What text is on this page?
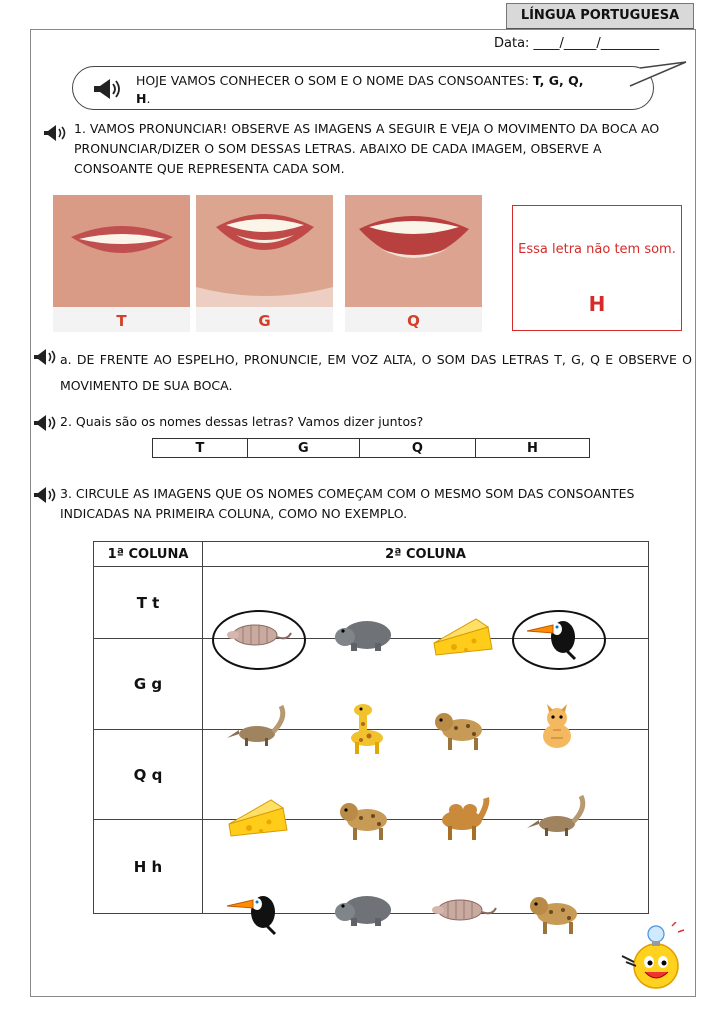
LÍNGUA PORTUGUESA
Data: ____/_____/_________
HOJE VAMOS CONHECER O SOM E O NOME DAS CONSOANTES: T, G, Q,
H.
1. VAMOS PRONUNCIAR! OBSERVE AS IMAGENS A SEGUIR E VEJA O MOVIMENTO DA BOCA AO PRONUNCIAR/DIZER O SOM DESSAS LETRAS. ABAIXO DE CADA IMAGEM, OBSERVE A CONSOANTE QUE REPRESENTA CADA SOM.
T	G	Q
Essa letra não tem som.
H
a. DE FRENTE AO ESPELHO, PRONUNCIE, EM VOZ ALTA, O SOM DAS LETRAS T, G, Q E OBSERVE O MOVIMENTO DE SUA BOCA.
2. Quais são os nomes dessas letras? Vamos dizer juntos?
T	G	Q	H
3. CIRCULE AS IMAGENS QUE OS NOMES COMEÇAM COM O MESMO SOM DAS CONSOANTES INDICADAS NA PRIMEIRA COLUNA, COMO NO EXEMPLO.
1ª COLUNA	2ª COLUNA
T t	

G g	

Q q	

H h	
